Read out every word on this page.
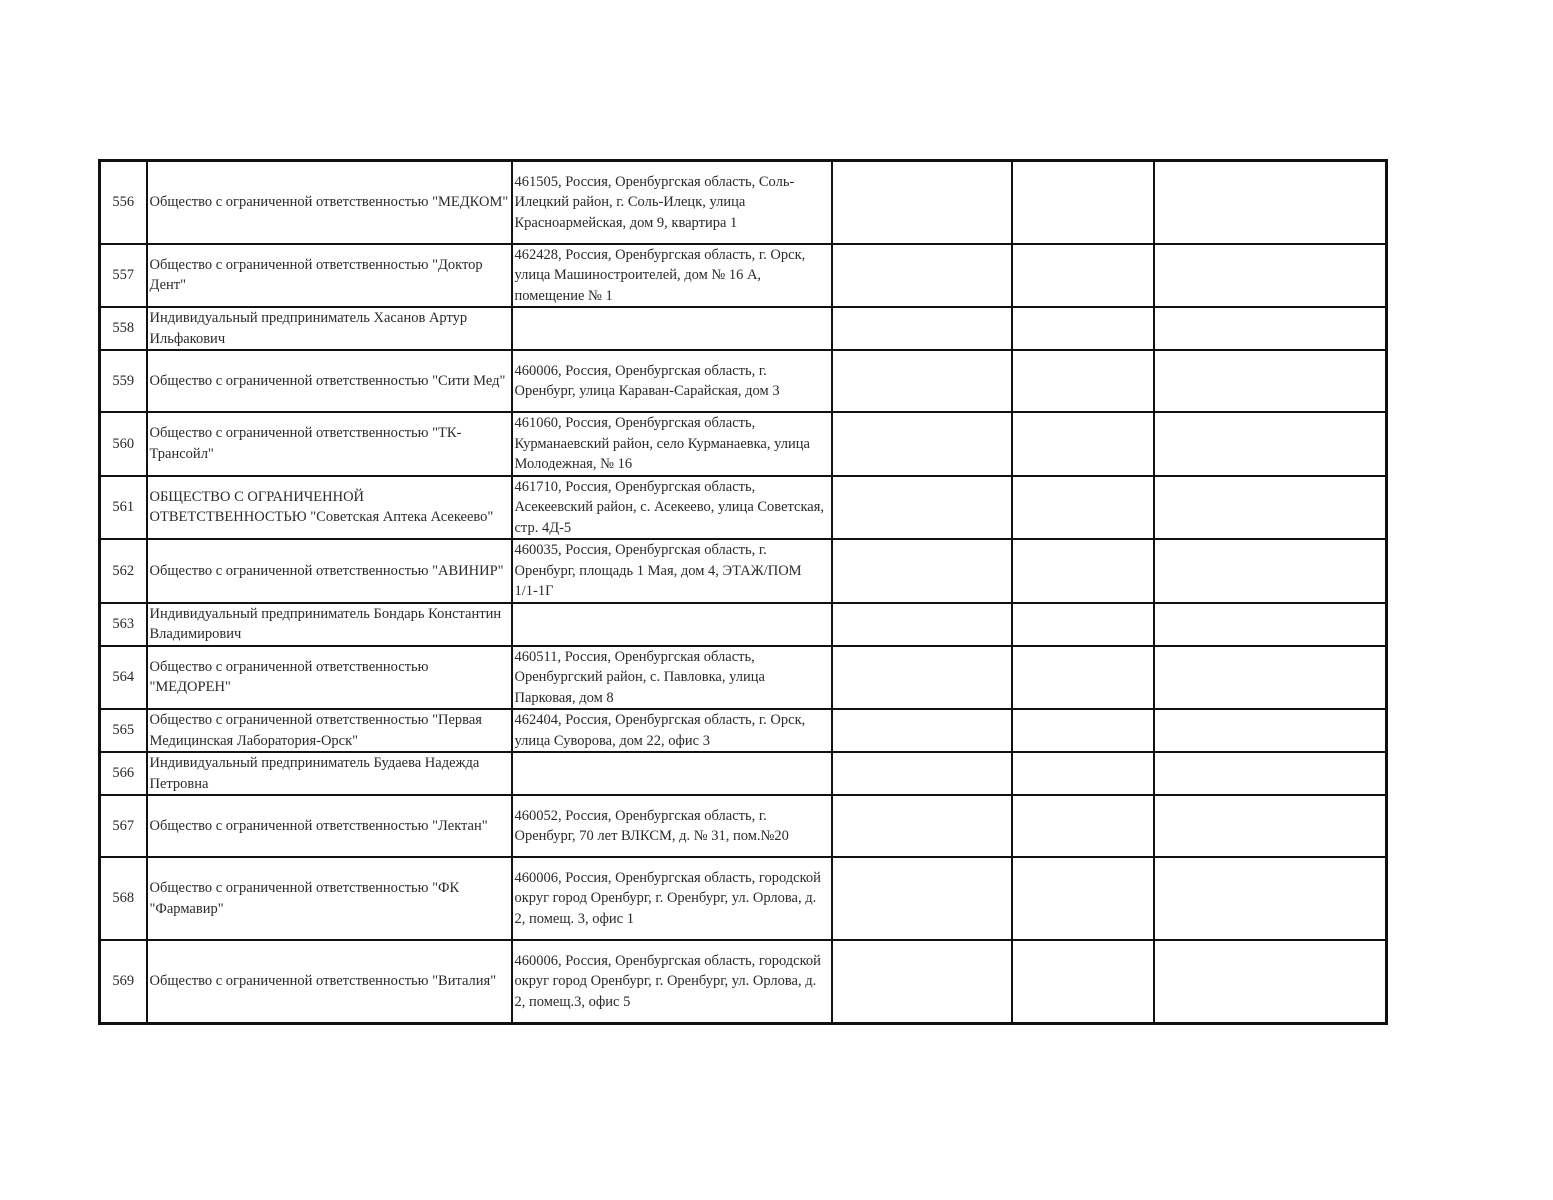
556	Общество с ограниченной ответственностью "МЕДКОМ"	461505, Россия, Оренбургская область, Соль-Илецкий район, г. Соль-Илецк, улица Красноармейская, дом 9, квартира 1			
557	Общество с ограниченной ответственностью "Доктор Дент"	462428, Россия, Оренбургская область, г. Орск, улица Машиностроителей, дом № 16 А, помещение № 1			
558	Индивидуальный предприниматель Хасанов Артур Ильфакович				
559	Общество с ограниченной ответственностью "Сити Мед"	460006, Россия, Оренбургская область, г. Оренбург, улица Караван-Сарайская, дом 3			
560	Общество с ограниченной ответственностью "ТК-Трансойл"	461060, Россия, Оренбургская область, Курманаевский район, село Курманаевка, улица Молодежная, № 16			
561	ОБЩЕСТВО С ОГРАНИЧЕННОЙ ОТВЕТСТВЕННОСТЬЮ "Советская Аптека Асекеево"	461710, Россия, Оренбургская область, Асекеевский район, с. Асекеево, улица Советская, стр. 4Д-5			
562	Общество с ограниченной ответственностью "АВИНИР"	460035, Россия, Оренбургская область, г. Оренбург, площадь 1 Мая, дом 4, ЭТАЖ/ПОМ 1/1-1Г			
563	Индивидуальный предприниматель Бондарь Константин Владимирович				
564	Общество с ограниченной ответственностью "МЕДОРЕН"	460511, Россия, Оренбургская область, Оренбургский район, с. Павловка, улица Парковая, дом 8			
565	Общество с ограниченной ответственностью "Первая Медицинская Лаборатория-Орск"	462404, Россия, Оренбургская область, г. Орск, улица Суворова, дом 22, офис 3			
566	Индивидуальный предприниматель Будаева Надежда Петровна				
567	Общество с ограниченной ответственностью "Лектан"	460052, Россия, Оренбургская область, г. Оренбург, 70 лет ВЛКСМ, д. № 31, пом.№20			
568	Общество с ограниченной ответственностью "ФК "Фармавир"	460006, Россия, Оренбургская область, городской округ город Оренбург, г. Оренбург, ул. Орлова, д. 2, помещ. 3, офис 1			
569	Общество с ограниченной ответственностью "Виталия"	460006, Россия, Оренбургская область, городской округ город Оренбург, г. Оренбург, ул. Орлова, д. 2, помещ.3, офис 5			
